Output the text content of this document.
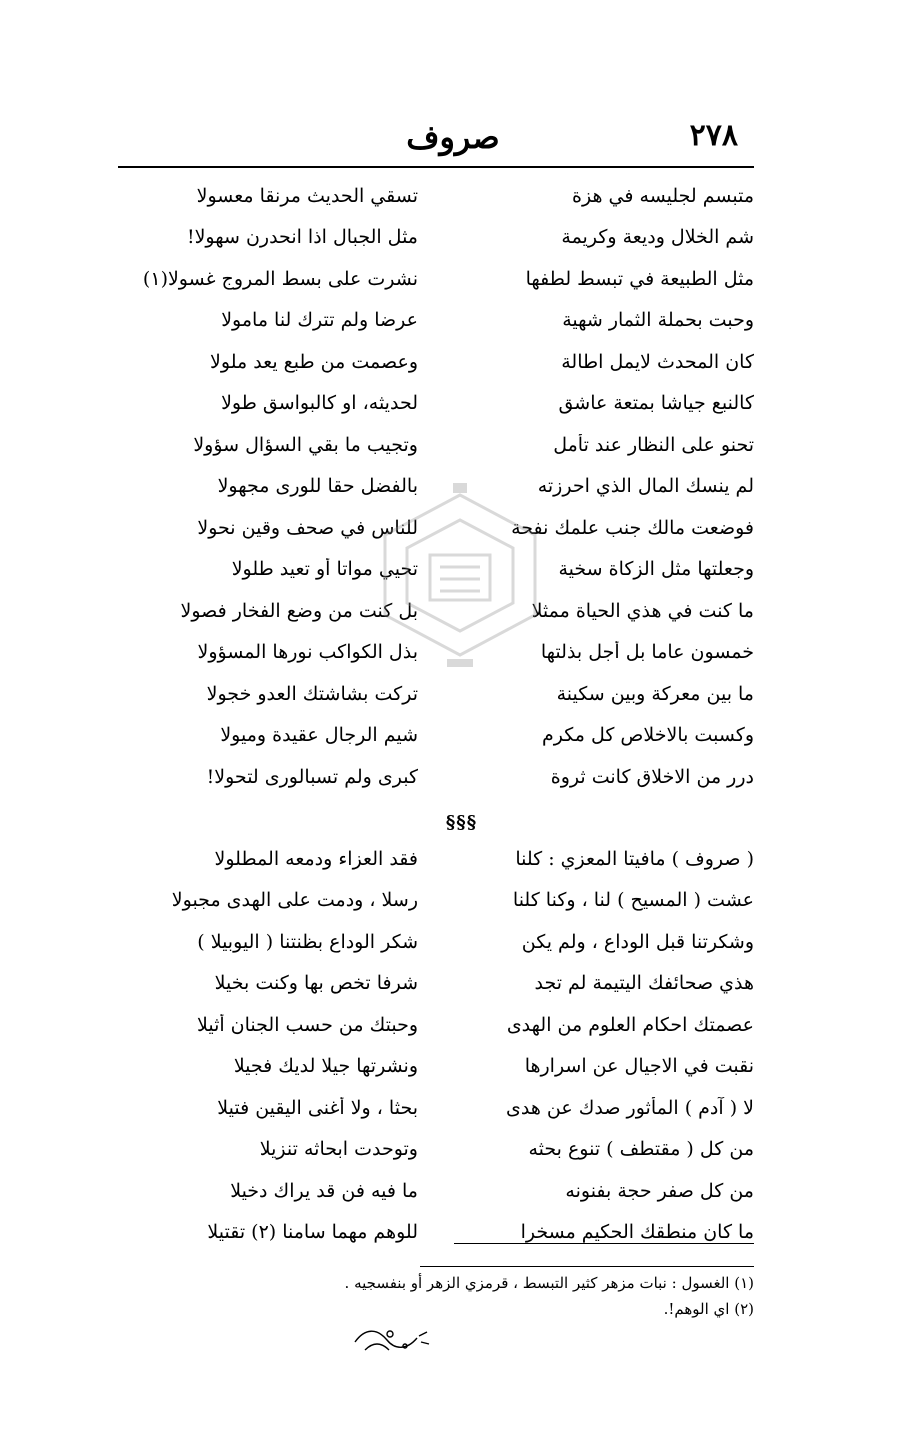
٢٧٨
صروف
متبسم لجليسه في هزة
تسقي الحديث مرنقا معسولا
شم الخلال وديعة وكريمة
مثل الجبال اذا انحدرن سهولا!
مثل الطبيعة في تبسط لطفها
نشرت على بسط المروج غسولا(١)
وحبت بحملة الثمار شهية
عرضا ولم تترك لنا مامولا
كان المحدث لايمل اطالة
وعصمت من طبع يعد ملولا
كالنبع جياشا بمتعة عاشق
لحديثه، او كالبواسق طولا
تحنو على النظار عند تأمل
وتجيب ما بقي السؤال سؤولا
لم ينسك المال الذي احرزته
بالفضل حقا للورى مجهولا
فوضعت مالك جنب علمك نفحة
للناس في صحف وقين نحولا
وجعلتها مثل الزكاة سخية
تحيي مواتا أو تعيد طلولا
ما كنت في هذي الحياة ممثلا
بل كنت من وضع الفخار فصولا
خمسون عاما بل أجل بذلتها
بذل الكواكب نورها المسؤولا
ما بين معركة وبين سكينة
تركت بشاشتك العدو خجولا
وكسبت بالاخلاص كل مكرم
شيم الرجال عقيدة وميولا
درر من الاخلاق كانت ثروة
كبرى ولم تسبالورى لتحولا!
§§§
( صروف ) مافيتا المعزي : كلنا
فقد العزاء ودمعه المطلولا
عشت ( المسيح ) لنا ، وكنا كلنا
رسلا ، ودمت على الهدى مجبولا
وشكرتنا قبل الوداع ، ولم يكن
شكر الوداع بظنتنا ( اليوبيلا )
هذي صحائفك اليتيمة لم تجد
شرفا تخص بها وكنت بخيلا
عصمتك احكام العلوم من الهدى
وحبتك من حسب الجنان أثيلا
نقبت في الاجيال عن اسرارها
ونشرتها جيلا لديك فجيلا
لا ( آدم ) المأثور صدك عن هدى
بحثا ، ولا أغنى اليقين فتيلا
من كل ( مقتطف ) تنوع بحثه
وتوحدت ابحاثه تنزيلا
من كل صفر حجة بفنونه
ما فيه فن قد يراك دخيلا
ما كان منطقك الحكيم مسخرا
للوهم مهما سامنا (٢) تقتيلا
(١) الغسول : نبات مزهر كثير التبسط ، قرمزي الزهر أو بنفسجيه .
(٢) اي الوهم!.
